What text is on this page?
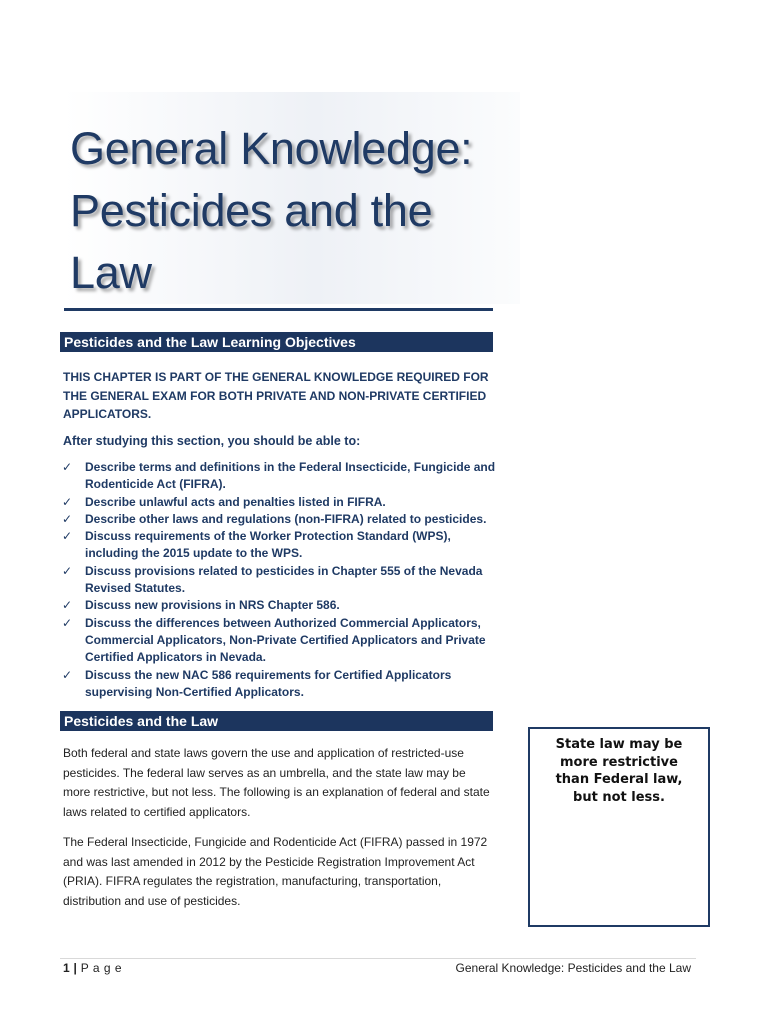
General Knowledge:
Pesticides and the
Law
Pesticides and the Law Learning Objectives

THIS CHAPTER IS PART OF THE GENERAL KNOWLEDGE REQUIRED FOR THE GENERAL EXAM FOR BOTH PRIVATE AND NON-PRIVATE CERTIFIED APPLICATORS.

After studying this section, you should be able to:

✓ Describe terms and definitions in the Federal Insecticide, Fungicide and Rodenticide Act (FIFRA).
✓ Describe unlawful acts and penalties listed in FIFRA.
✓ Describe other laws and regulations (non-FIFRA) related to pesticides.
✓ Discuss requirements of the Worker Protection Standard (WPS), including the 2015 update to the WPS.
✓ Discuss provisions related to pesticides in Chapter 555 of the Nevada Revised Statutes.
✓ Discuss new provisions in NRS Chapter 586.
✓ Discuss the differences between Authorized Commercial Applicators, Commercial Applicators, Non-Private Certified Applicators and Private Certified Applicators in Nevada.
✓ Discuss the new NAC 586 requirements for Certified Applicators supervising Non-Certified Applicators.
Pesticides and the Law

Both federal and state laws govern the use and application of restricted-use pesticides. The federal law serves as an umbrella, and the state law may be more restrictive, but not less. The following is an explanation of federal and state laws related to certified applicators.

The Federal Insecticide, Fungicide and Rodenticide Act (FIFRA) passed in 1972 and was last amended in 2012 by the Pesticide Registration Improvement Act (PRIA). FIFRA regulates the registration, manufacturing, transportation, distribution and use of pesticides.

State law may be
more restrictive
than Federal law,
but not less.
1 | P a g e	General Knowledge: Pesticides and the Law
